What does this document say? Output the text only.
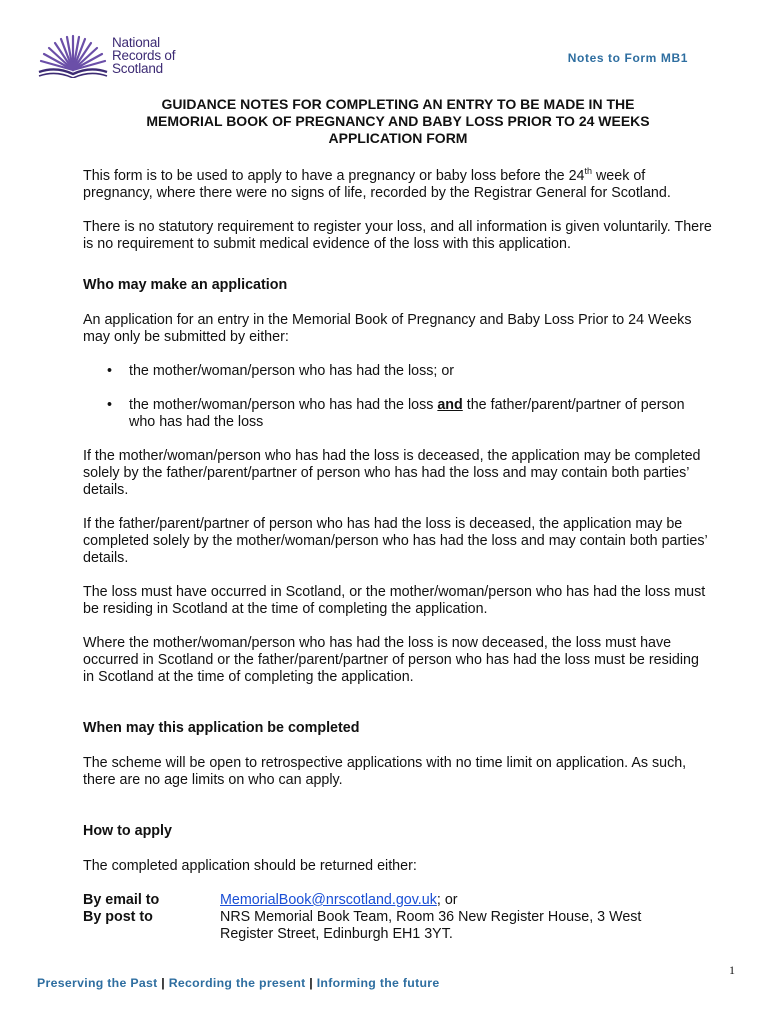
National
Records of
Scotland
Notes to Form MB1
GUIDANCE NOTES FOR COMPLETING AN ENTRY TO BE MADE IN THE
MEMORIAL BOOK OF PREGNANCY AND BABY LOSS PRIOR TO 24 WEEKS
APPLICATION FORM

This form is to be used to apply to have a pregnancy or baby loss before the 24th week of pregnancy, where there were no signs of life, recorded by the Registrar General for Scotland.

There is no statutory requirement to register your loss, and all information is given voluntarily. There is no requirement to submit medical evidence of the loss with this application.

Who may make an application

An application for an entry in the Memorial Book of Pregnancy and Baby Loss Prior to 24 Weeks may only be submitted by either:

• the mother/woman/person who has had the loss; or
• the mother/woman/person who has had the loss and the father/parent/partner of person who has had the loss

If the mother/woman/person who has had the loss is deceased, the application may be completed solely by the father/parent/partner of person who has had the loss and may contain both parties’ details.

If the father/parent/partner of person who has had the loss is deceased, the application may be completed solely by the mother/woman/person who has had the loss and may contain both parties’ details.

The loss must have occurred in Scotland, or the mother/woman/person who has had the loss must be residing in Scotland at the time of completing the application.

Where the mother/woman/person who has had the loss is now deceased, the loss must have occurred in Scotland or the father/parent/partner of person who has had the loss must be residing in Scotland at the time of completing the application.

When may this application be completed

The scheme will be open to retrospective applications with no time limit on application. As such, there are no age limits on who can apply.

How to apply

The completed application should be returned either:

By email to	MemorialBook@nrscotland.gov.uk; or
By post to	NRS Memorial Book Team, Room 36 New Register House, 3 West
Register Street, Edinburgh EH1 3YT.
1
Preserving the Past | Recording the present | Informing the future
